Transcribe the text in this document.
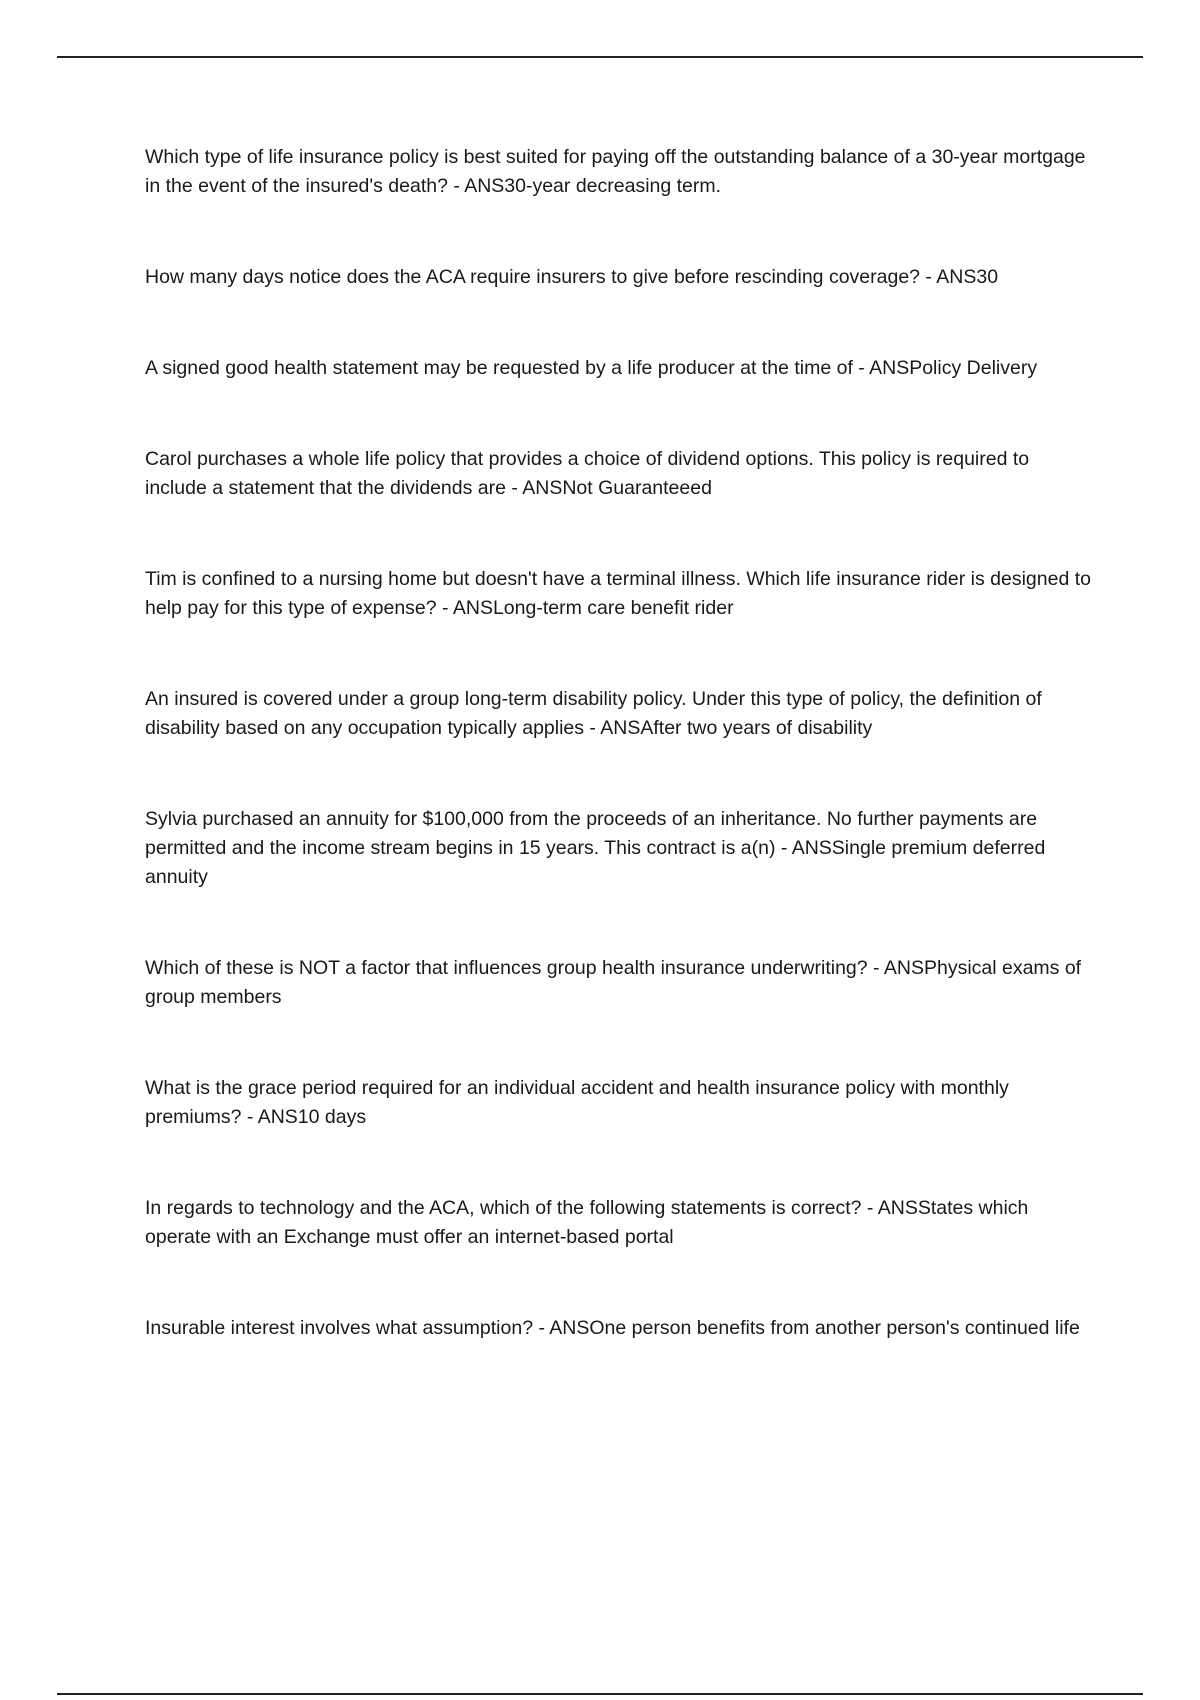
Which type of life insurance policy is best suited for paying off the outstanding balance of a 30-year mortgage in the event of the insured's death? - ANS30-year decreasing term.
How many days notice does the ACA require insurers to give before rescinding coverage? - ANS30
A signed good health statement may be requested by a life producer at the time of - ANSPolicy Delivery
Carol purchases a whole life policy that provides a choice of dividend options. This policy is required to include a statement that the dividends are - ANSNot Guaranteeed
Tim is confined to a nursing home but doesn't have a terminal illness. Which life insurance rider is designed to help pay for this type of expense? - ANSLong-term care benefit rider
An insured is covered under a group long-term disability policy. Under this type of policy, the definition of disability based on any occupation typically applies - ANSAfter two years of disability
Sylvia purchased an annuity for $100,000 from the proceeds of an inheritance. No further payments are permitted and the income stream begins in 15 years. This contract is a(n) - ANSSingle premium deferred annuity
Which of these is NOT a factor that influences group health insurance underwriting? - ANSPhysical exams of group members
What is the grace period required for an individual accident and health insurance policy with monthly premiums? - ANS10 days
In regards to technology and the ACA, which of the following statements is correct? - ANSStates which operate with an Exchange must offer an internet-based portal
Insurable interest involves what assumption? - ANSOne person benefits from another person's continued life
